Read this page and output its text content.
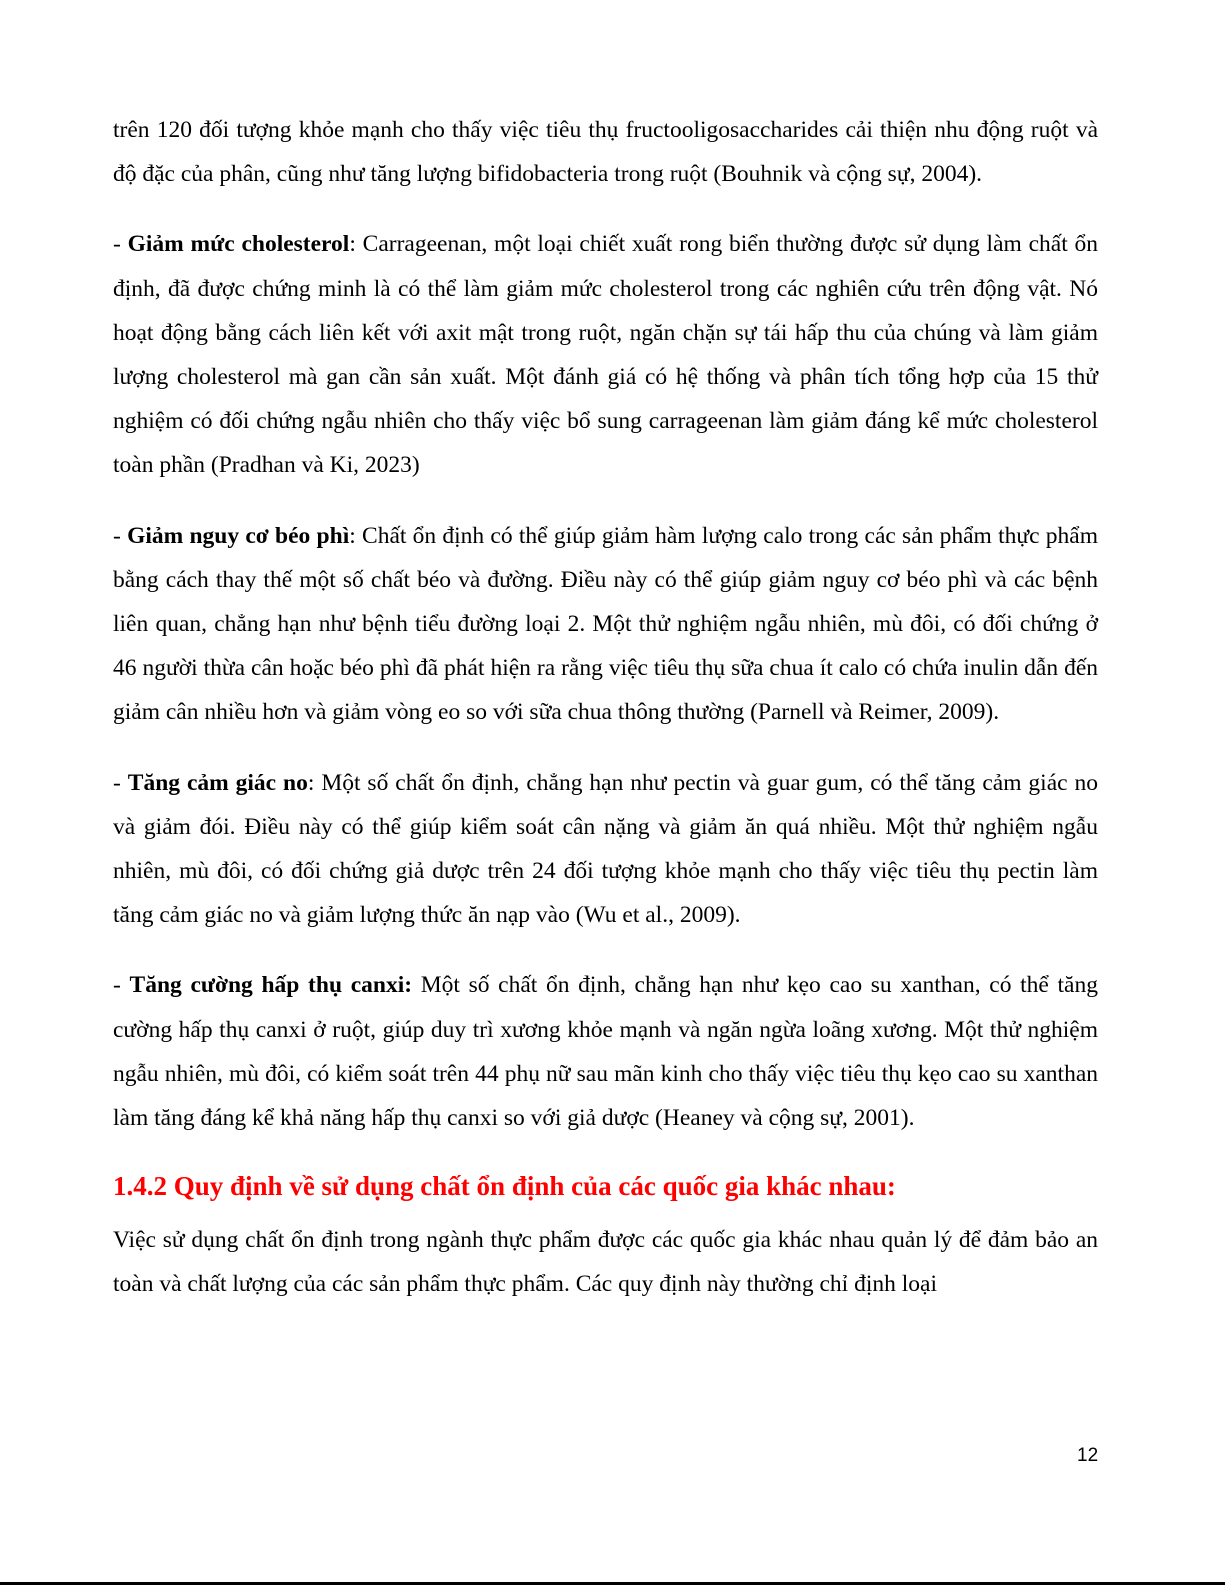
trên 120 đối tượng khỏe mạnh cho thấy việc tiêu thụ fructooligosaccharides cải thiện nhu động ruột và độ đặc của phân, cũng như tăng lượng bifidobacteria trong ruột (Bouhnik và cộng sự, 2004).

- Giảm mức cholesterol: Carrageenan, một loại chiết xuất rong biển thường được sử dụng làm chất ổn định, đã được chứng minh là có thể làm giảm mức cholesterol trong các nghiên cứu trên động vật. Nó hoạt động bằng cách liên kết với axit mật trong ruột, ngăn chặn sự tái hấp thu của chúng và làm giảm lượng cholesterol mà gan cần sản xuất. Một đánh giá có hệ thống và phân tích tổng hợp của 15 thử nghiệm có đối chứng ngẫu nhiên cho thấy việc bổ sung carrageenan làm giảm đáng kể mức cholesterol toàn phần (Pradhan và Ki, 2023)

- Giảm nguy cơ béo phì: Chất ổn định có thể giúp giảm hàm lượng calo trong các sản phẩm thực phẩm bằng cách thay thế một số chất béo và đường. Điều này có thể giúp giảm nguy cơ béo phì và các bệnh liên quan, chẳng hạn như bệnh tiểu đường loại 2. Một thử nghiệm ngẫu nhiên, mù đôi, có đối chứng ở 46 người thừa cân hoặc béo phì đã phát hiện ra rằng việc tiêu thụ sữa chua ít calo có chứa inulin dẫn đến giảm cân nhiều hơn và giảm vòng eo so với sữa chua thông thường (Parnell và Reimer, 2009).

- Tăng cảm giác no: Một số chất ổn định, chẳng hạn như pectin và guar gum, có thể tăng cảm giác no và giảm đói. Điều này có thể giúp kiểm soát cân nặng và giảm ăn quá nhiều. Một thử nghiệm ngẫu nhiên, mù đôi, có đối chứng giả dược trên 24 đối tượng khỏe mạnh cho thấy việc tiêu thụ pectin làm tăng cảm giác no và giảm lượng thức ăn nạp vào (Wu et al., 2009).

- Tăng cường hấp thụ canxi: Một số chất ổn định, chẳng hạn như kẹo cao su xanthan, có thể tăng cường hấp thụ canxi ở ruột, giúp duy trì xương khỏe mạnh và ngăn ngừa loãng xương. Một thử nghiệm ngẫu nhiên, mù đôi, có kiểm soát trên 44 phụ nữ sau mãn kinh cho thấy việc tiêu thụ kẹo cao su xanthan làm tăng đáng kể khả năng hấp thụ canxi so với giả dược (Heaney và cộng sự, 2001).

1.4.2 Quy định về sử dụng chất ổn định của các quốc gia khác nhau:

Việc sử dụng chất ổn định trong ngành thực phẩm được các quốc gia khác nhau quản lý để đảm bảo an toàn và chất lượng của các sản phẩm thực phẩm. Các quy định này thường chỉ định loại

12
